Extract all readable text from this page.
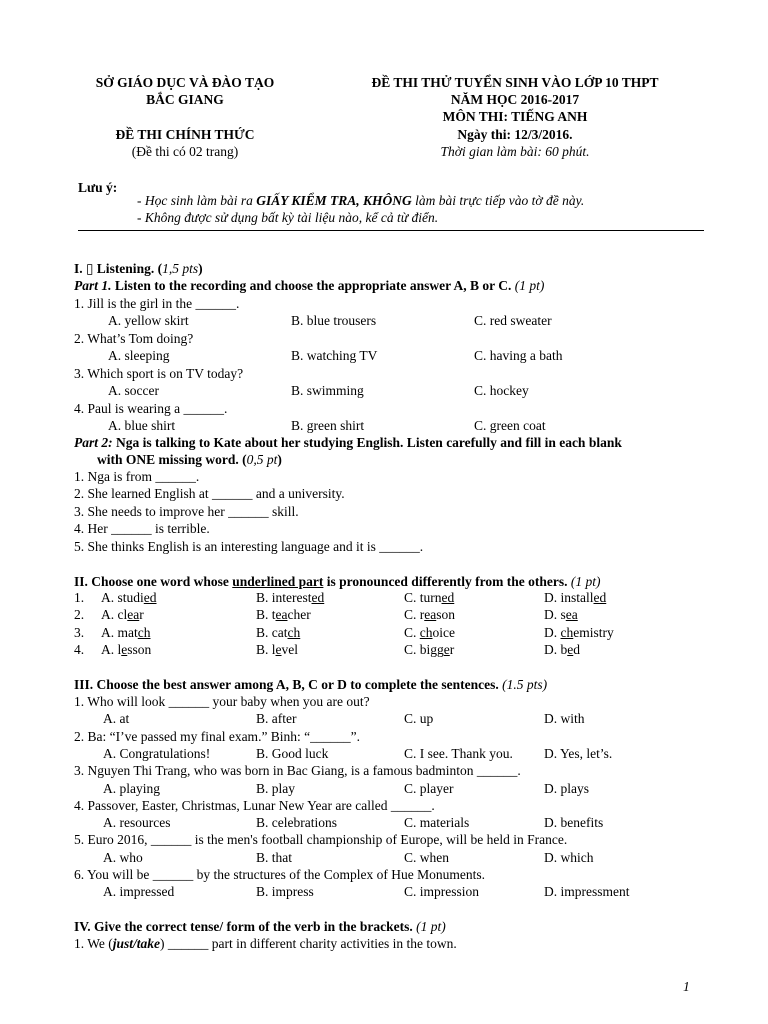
SỞ GIÁO DỤC VÀ ĐÀO TẠO
BẮC GIANG
ĐỀ THI CHÍNH THỨC
(Đề thi có 02 trang)
ĐỀ THI THỬ TUYỂN SINH VÀO LỚP 10 THPT
NĂM HỌC 2016-2017
MÔN THI: TIẾNG ANH
Ngày thi: 12/3/2016.
Thời gian làm bài: 60 phút.
Lưu ý:
- Học sinh làm bài ra GIẤY KIỂM TRA, KHÔNG làm bài trực tiếp vào tờ đề này.
- Không được sử dụng bất kỳ tài liệu nào, kể cả từ điển.
I. ▯ Listening. (1,5 pts)
Part 1. Listen to the recording and choose the appropriate answer A, B or C. (1 pt)
1. Jill is the girl in the ______.
A. yellow skirt	B. blue trousers	C. red sweater
2. What’s Tom doing?
A. sleeping	B. watching TV	C. having a bath
3. Which sport is on TV today?
A. soccer	B. swimming	C. hockey
4. Paul is wearing a ______.
A. blue shirt	B. green shirt	C. green coat
Part 2: Nga is talking to Kate about her studying English. Listen carefully and fill in each blank
with ONE missing word. (0,5 pt)
1. Nga is from ______.
2. She learned English at ______ and a university.
3. She needs to improve her ______ skill.
4. Her ______ is terrible.
5. She thinks English is an interesting language and it is ______.
II. Choose one word whose underlined part is pronounced differently from the others. (1 pt)
1. A. studied	B. interested	C. turned	D. installed
2. A. clear	B. teacher	C. reason	D. sea
3. A. match	B. catch	C. choice	D. chemistry
4. A. lesson	B. level	C. bigger	D. bed
III. Choose the best answer among A, B, C or D to complete the sentences. (1.5 pts)
1. Who will look ______ your baby when you are out?
A. at	B. after	C. up	D. with
2. Ba: “I’ve passed my final exam.” Binh: “______”.
A. Congratulations!	B. Good luck	C. I see. Thank you. D. Yes, let’s.
3. Nguyen Thi Trang, who was born in Bac Giang, is a famous badminton ______.
A. playing	B. play	C. player	D. plays
4. Passover, Easter, Christmas, Lunar New Year are called ______.
A. resources	B. celebrations	C. materials	D. benefits
5. Euro 2016, ______ is the men's football championship of Europe, will be held in France.
A. who	B. that	C. when	D. which
6. You will be ______ by the structures of the Complex of Hue Monuments.
A. impressed	B. impress	C. impression	D. impressment
IV. Give the correct tense/ form of the verb in the brackets. (1 pt)
1. We (just/take) ______ part in different charity activities in the town.
1
